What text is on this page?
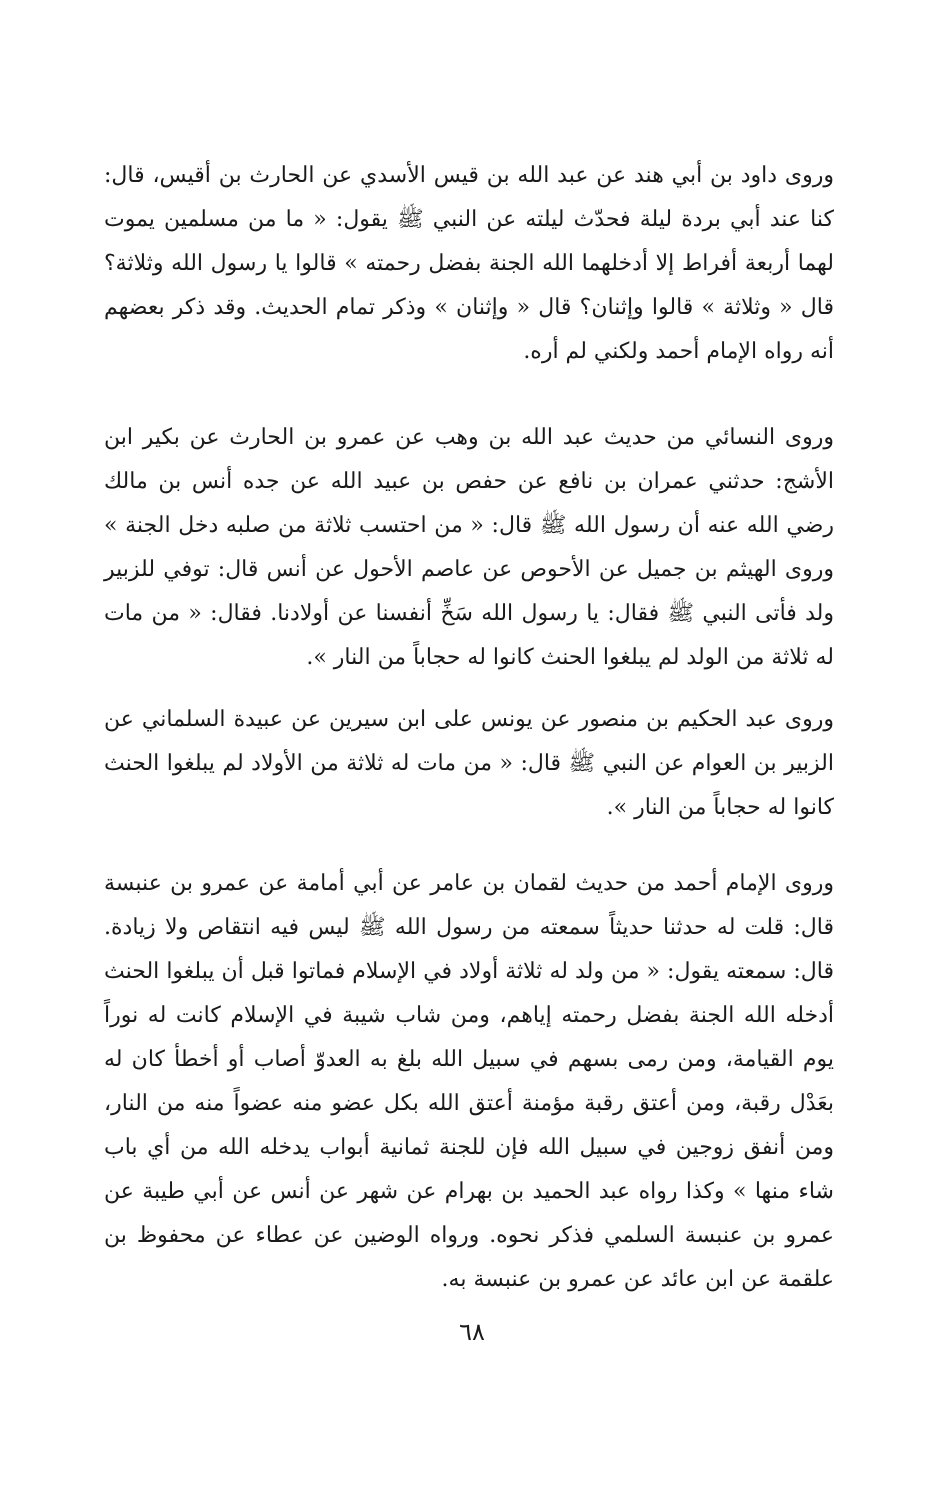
وروى داود بن أبي هند عن عبد الله بن قيس الأسدي عن الحارث بن أقيس، قال: كنا عند أبي بردة ليلة فحدّث ليلته عن النبي ﷺ يقول: « ما من مسلمين يموت لهما أربعة أفراط إلا أدخلهما الله الجنة بفضل رحمته » قالوا يا رسول الله وثلاثة؟ قال « وثلاثة » قالوا وإثنان؟ قال « وإثنان » وذكر تمام الحديث. وقد ذكر بعضهم أنه رواه الإمام أحمد ولكني لم أره.

وروى النسائي من حديث عبد الله بن وهب عن عمرو بن الحارث عن بكير ابن الأشج: حدثني عمران بن نافع عن حفص بن عبيد الله عن جده أنس بن مالك رضي الله عنه أن رسول الله ﷺ قال: « من احتسب ثلاثة من صلبه دخل الجنة » وروى الهيثم بن جميل عن الأحوص عن عاصم الأحول عن أنس قال: توفي للزبير ولد فأتى النبي ﷺ فقال: يا رسول الله سَخِّ أنفسنا عن أولادنا. فقال: « من مات له ثلاثة من الولد لم يبلغوا الحنث كانوا له حجاباً من النار ».

وروى عبد الحكيم بن منصور عن يونس على ابن سيرين عن عبيدة السلماني عن الزبير بن العوام عن النبي ﷺ قال: « من مات له ثلاثة من الأولاد لم يبلغوا الحنث كانوا له حجاباً من النار ».

وروى الإمام أحمد من حديث لقمان بن عامر عن أبي أمامة عن عمرو بن عنبسة قال: قلت له حدثنا حديثاً سمعته من رسول الله ﷺ ليس فيه انتقاص ولا زيادة. قال: سمعته يقول: « من ولد له ثلاثة أولاد في الإسلام فماتوا قبل أن يبلغوا الحنث أدخله الله الجنة بفضل رحمته إياهم، ومن شاب شيبة في الإسلام كانت له نوراً يوم القيامة، ومن رمى بسهم في سبيل الله بلغ به العدوّ أصاب أو أخطأ كان له بعَدْل رقبة، ومن أعتق رقبة مؤمنة أعتق الله بكل عضو منه عضواً منه من النار، ومن أنفق زوجين في سبيل الله فإن للجنة ثمانية أبواب يدخله الله من أي باب شاء منها » وكذا رواه عبد الحميد بن بهرام عن شهر عن أنس عن أبي طيبة عن عمرو بن عنبسة السلمي فذكر نحوه. ورواه الوضين عن عطاء عن محفوظ بن علقمة عن ابن عائد عن عمرو بن عنبسة به.

٦٨
